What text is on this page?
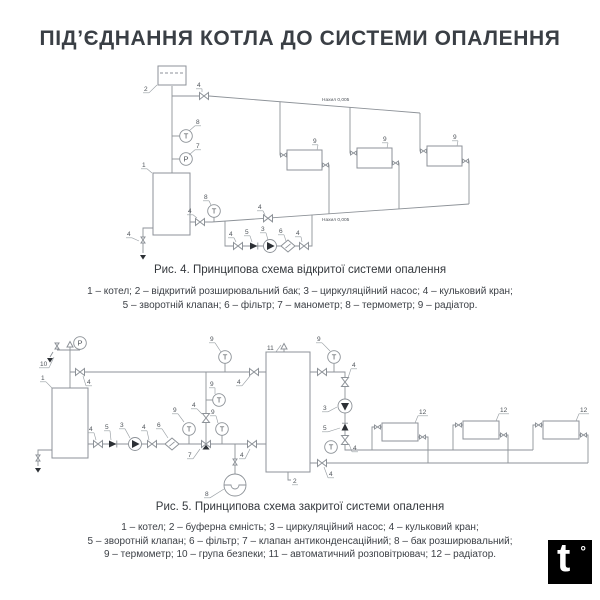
ПІД’ЄДНАННЯ КОТЛА ДО СИСТЕМИ ОПАЛЕННЯ
T
P
T
2
4
8
7
1
4
4
8
4
4 5 3 6 4
9	9	9
Нахил 0,005
Нахил 0,005
Рис. 4. Принципова схема відкритої системи опалення
1 – котел; 2 – відкритий розширювальний бак; 3 – циркуляційний насос; 4 – кульковий кран;
5 – зворотній клапан; 6 – фільтр; 7 – манометр; 8 – термометр; 9 – радіатор.
P
T
T
T	T
T
T
10
1
4
9
4
11
9
4
9	9
7
4 5 3	4 6
4
8
2
9
4
3
5
4
4
12	12	12
Рис. 5. Принципова схема закритої системи опалення
1 – котел; 2 – буферна ємність; 3 – циркуляційний насос; 4 – кульковий кран;
5 – зворотній клапан; 6 – фільтр; 7 – клапан антиконденсаційний; 8 – бак розширювальний;
9 – термометр; 10 – група безпеки; 11 – автоматичний розповітрювач; 12 – радіатор.	t °
